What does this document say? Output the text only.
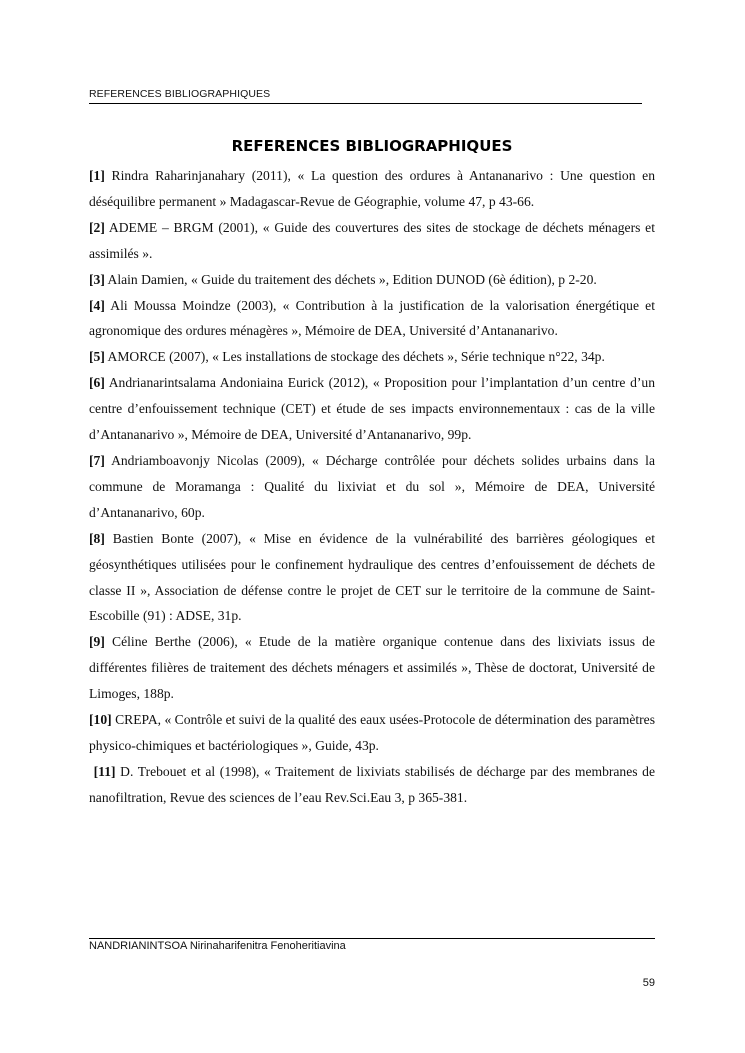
REFERENCES BIBLIOGRAPHIQUES
REFERENCES BIBLIOGRAPHIQUES

[1] Rindra Raharinjanahary (2011), « La question des ordures à Antananarivo : Une question en déséquilibre permanent » Madagascar-Revue de Géographie, volume 47, p 43-66.

[2] ADEME – BRGM (2001), « Guide des couvertures des sites de stockage de déchets ménagers et assimilés ».

[3] Alain Damien, « Guide du traitement des déchets », Edition DUNOD (6è édition), p 2-20.

[4] Ali Moussa Moindze (2003), « Contribution à la justification de la valorisation énergétique et agronomique des ordures ménagères », Mémoire de DEA, Université d’Antananarivo.

[5] AMORCE (2007), « Les installations de stockage des déchets », Série technique n°22, 34p.

[6] Andrianarintsalama Andoniaina Eurick (2012), « Proposition pour l’implantation d’un centre d’un centre d’enfouissement technique (CET) et étude de ses impacts environnementaux : cas de la ville d’Antananarivo », Mémoire de DEA, Université d’Antananarivo, 99p.

[7] Andriamboavonjy Nicolas (2009), « Décharge contrôlée pour déchets solides urbains dans la commune de Moramanga : Qualité du lixiviat et du sol », Mémoire de DEA, Université d’Antananarivo, 60p.

[8] Bastien Bonte (2007), « Mise en évidence de la vulnérabilité des barrières géologiques et géosynthétiques utilisées pour le confinement hydraulique des centres d’enfouissement de déchets de classe II », Association de défense contre le projet de CET sur le territoire de la commune de Saint-Escobille (91) : ADSE, 31p.

[9] Céline Berthe (2006), « Etude de la matière organique contenue dans des lixiviats issus de différentes filières de traitement des déchets ménagers et assimilés », Thèse de doctorat, Université de Limoges, 188p.

[10] CREPA, « Contrôle et suivi de la qualité des eaux usées-Protocole de détermination des paramètres physico-chimiques et bactériologiques », Guide, 43p.

[11] D. Trebouet et al (1998), « Traitement de lixiviats stabilisés de décharge par des membranes de nanofiltration, Revue des sciences de l’eau Rev.Sci.Eau 3, p 365-381.

NANDRIANINTSOA Nirinaharifenitra Fenoheritiavina
59
